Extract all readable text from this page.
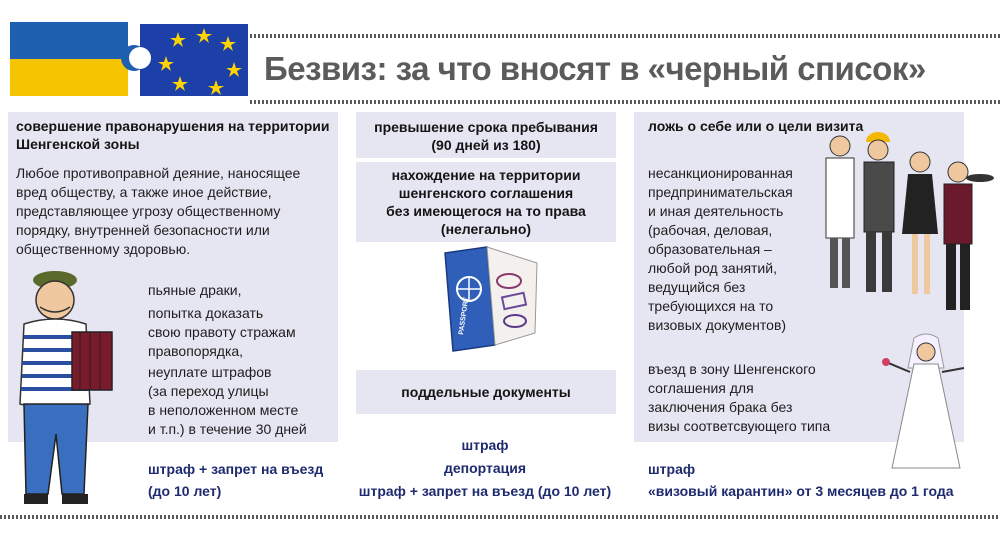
Безвиз: за что вносят в «черный список»
совершение правонарушения на территории Шенгенской зоны
Любое противоправной деяние, наносящее вред обществу, а также иное действие, представляющее угрозу общественному порядку, внутренней безопасности или общественному здоровью.
пьяные драки,
попытка доказать
свою правоту стражам
правопорядка,
неуплате штрафов
(за переход улицы
в неположенном месте
и т.п.) в течение 30 дней
штраф + запрет на въезд
(до 10 лет)
превышение срока пребывания
(90 дней из 180)
нахождение на территории
шенгенского соглашения
без имеющегося на то права
(нелегально)
PASSPORT
поддельные документы
штраф
депортация
штраф + запрет на въезд (до 10 лет)
ложь о себе или о цели визита
несанкционированная
предпринимательская
и иная деятельность
(рабочая, деловая,
образовательная –
любой род занятий,
ведущийся без
требующихся на то
визовых документов)
въезд в зону Шенгенского
соглашения для
заключения брака без
визы соответсвующего типа
штраф
«визовый карантин» от 3 месяцев до 1 года
